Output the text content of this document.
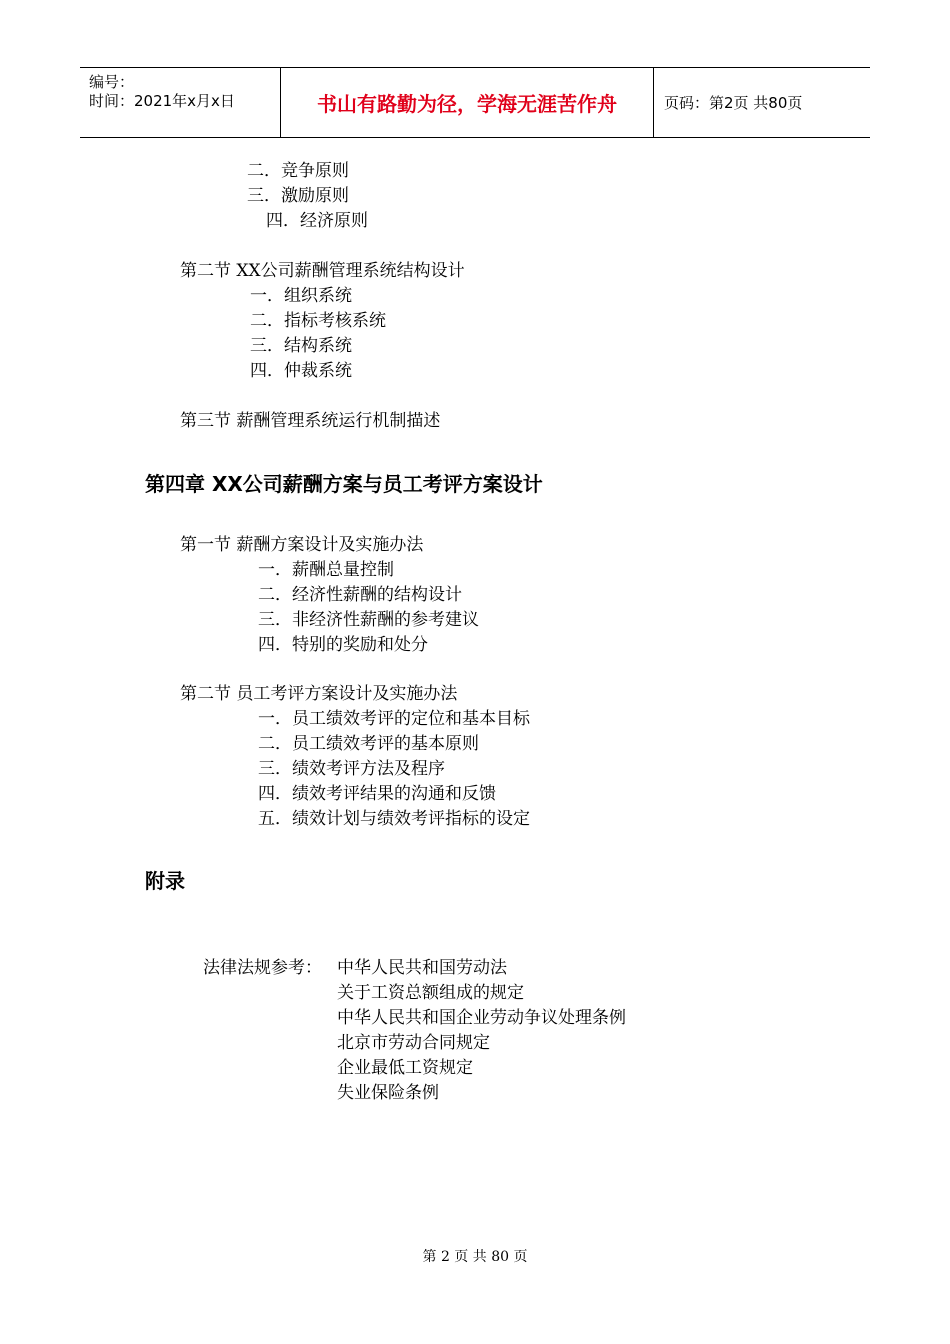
编号：
时间：2021年x月x日	书山有路勤为径，学海无涯苦作舟	页码：第2页 共80页
二．竞争原则
三．激励原则
四．经济原则
第二节 XX公司薪酬管理系统结构设计
一．组织系统
二．指标考核系统
三．结构系统
四．仲裁系统
第三节 薪酬管理系统运行机制描述
第四章 XX公司薪酬方案与员工考评方案设计
第一节 薪酬方案设计及实施办法
一．薪酬总量控制
二．经济性薪酬的结构设计
三．非经济性薪酬的参考建议
四．特别的奖励和处分
第二节 员工考评方案设计及实施办法
一．员工绩效考评的定位和基本目标
二．员工绩效考评的基本原则
三．绩效考评方法及程序
四．绩效考评结果的沟通和反馈
五．绩效计划与绩效考评指标的设定
附录
法律法规参考： 中华人民共和国劳动法
关于工资总额组成的规定
中华人民共和国企业劳动争议处理条例
北京市劳动合同规定
企业最低工资规定
失业保险条例
第 2 页 共 80 页
